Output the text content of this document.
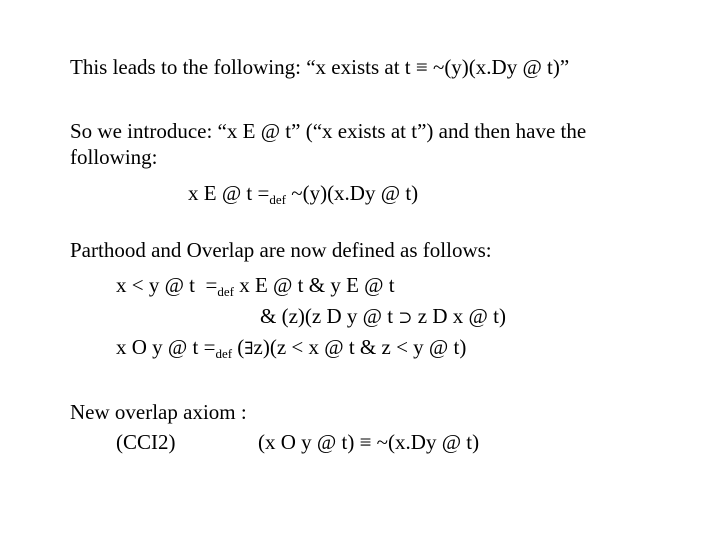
This leads to the following: “x exists at t ≡ ~(y)(x.Dy @ t)”
So we introduce: “x E @ t” (“x exists at t”) and then have the
following:
x E @ $t =_{def}$ ~(y)(x.Dy @ t)
Parthood and Overlap are now defined as follows:
x < y @ $t =_{def}$ x E @ t & y E @ t
& (z)(z D y @ t ⊃ z D x @ t)
x O y @ $t =_{def}$ (∃z)(z < x @ t & z < y @ t)
New overlap axiom :
(CCI2)	(x O y @ t) ≡ ~(x.Dy @ t)
